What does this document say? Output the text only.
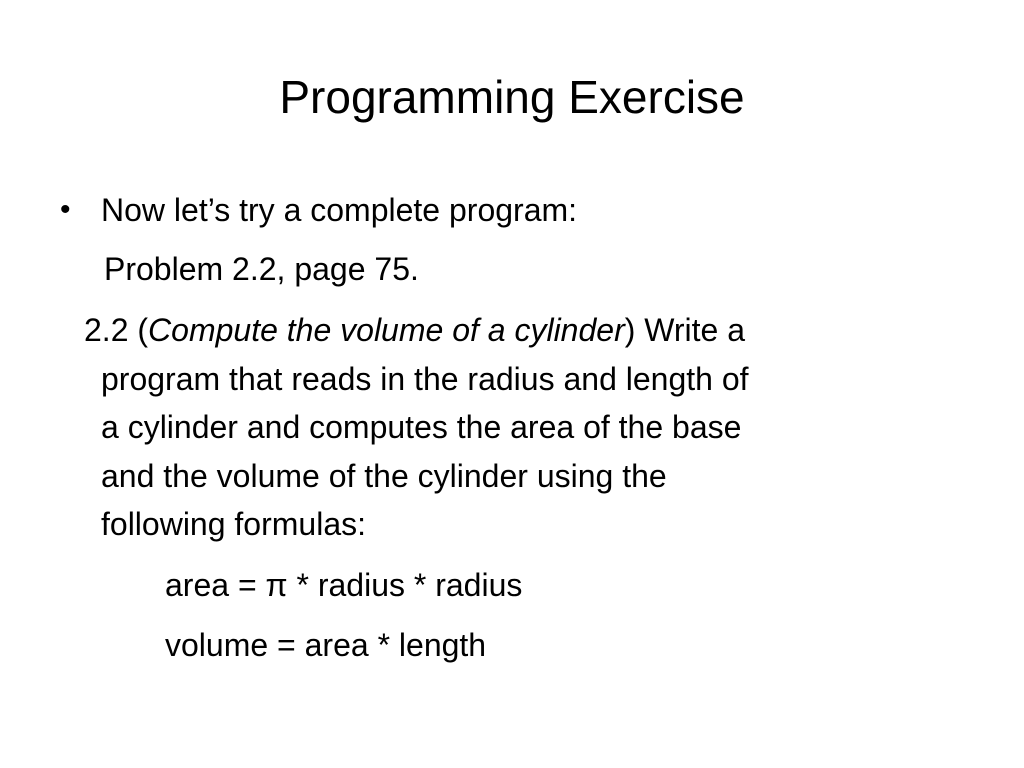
Programming Exercise
• Now let’s try a complete program:
Problem 2.2, page 75.
2.2 (Compute the volume of a cylinder) Write a
program that reads in the radius and length of
a cylinder and computes the area of the base
and the volume of the cylinder using the
following formulas:
area = π * radius * radius
volume = area * length
